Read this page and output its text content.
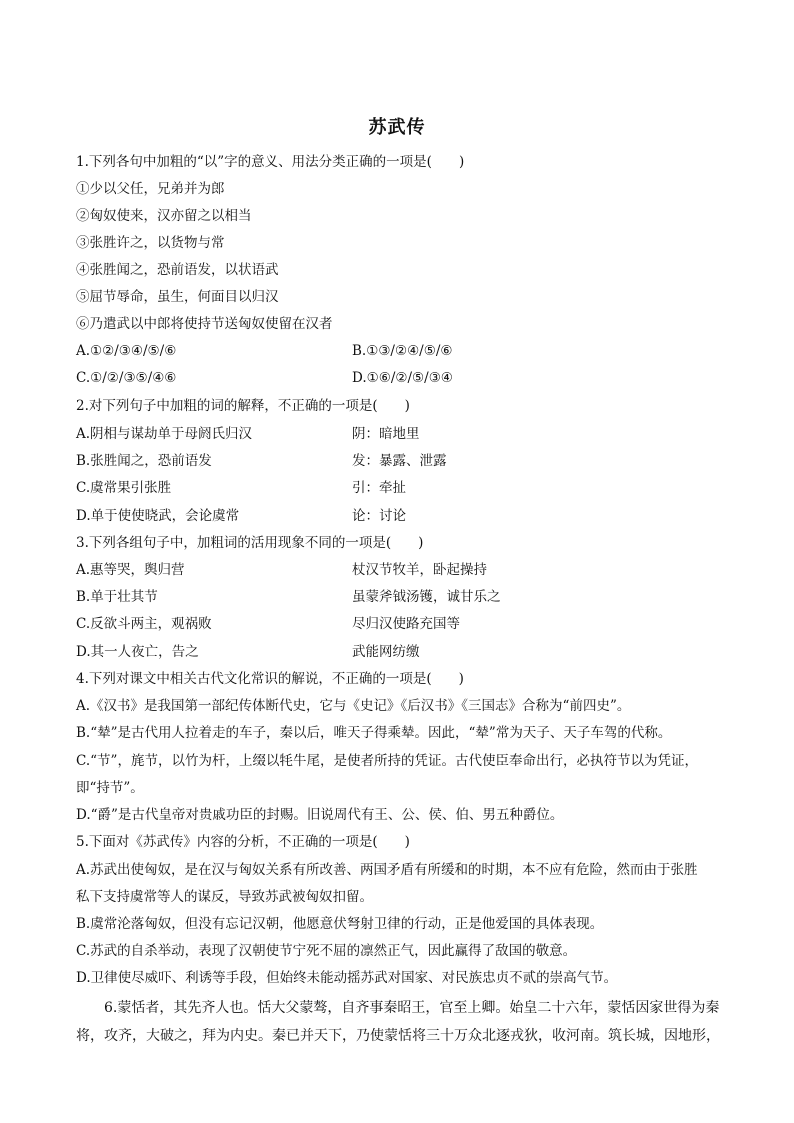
苏武传
1.下列各句中加粗的“以”字的意义、用法分类正确的一项是(　　)
①少以父任，兄弟并为郎
②匈奴使来，汉亦留之以相当
③张胜许之，以货物与常
④张胜闻之，恐前语发，以状语武
⑤屈节辱命，虽生，何面目以归汉
⑥乃遣武以中郎将使持节送匈奴使留在汉者
A.①②/③④/⑤/⑥	B.①③/②④/⑤/⑥
C.①/②/③⑤/④⑥	D.①⑥/②/⑤/③④
2.对下列句子中加粗的词的解释，不正确的一项是(　　)
A.阴相与谋劫单于母阏氏归汉	阴：暗地里
B.张胜闻之，恐前语发	发：暴露、泄露
C.虞常果引张胜	引：牵扯
D.单于使使晓武，会论虞常	论：讨论
3.下列各组句子中，加粗词的活用现象不同的一项是(　　)
A.惠等哭，舆归营	杖汉节牧羊，卧起操持
B.单于壮其节	虽蒙斧钺汤镬，诚甘乐之
C.反欲斗两主，观祸败	尽归汉使路充国等
D.其一人夜亡，告之	武能网纺缴
4.下列对课文中相关古代文化常识的解说，不正确的一项是(　　)
A.《汉书》是我国第一部纪传体断代史，它与《史记》《后汉书》《三国志》合称为“前四史”。
B.“辇”是古代用人拉着走的车子，秦以后，唯天子得乘辇。因此，“辇”常为天子、天子车驾的代称。
C.“节”，旄节，以竹为杆，上缀以牦牛尾，是使者所持的凭证。古代使臣奉命出行，必执符节以为凭证，
即“持节”。
D.“爵”是古代皇帝对贵戚功臣的封赐。旧说周代有王、公、侯、伯、男五种爵位。
5.下面对《苏武传》内容的分析，不正确的一项是(　　)
A.苏武出使匈奴，是在汉与匈奴关系有所改善、两国矛盾有所缓和的时期，本不应有危险，然而由于张胜
私下支持虞常等人的谋反，导致苏武被匈奴扣留。
B.虞常沦落匈奴，但没有忘记汉朝，他愿意伏弩射卫律的行动，正是他爱国的具体表现。
C.苏武的自杀举动，表现了汉朝使节宁死不屈的凛然正气，因此赢得了敌国的敬意。
D.卫律使尽威吓、利诱等手段，但始终未能动摇苏武对国家、对民族忠贞不贰的崇高气节。
6.蒙恬者，其先齐人也。恬大父蒙骜，自齐事秦昭王，官至上卿。始皇二十六年，蒙恬因家世得为秦
将，攻齐，大破之，拜为内史。秦已并天下，乃使蒙恬将三十万众北逐戎狄，收河南。筑长城，因地形，
